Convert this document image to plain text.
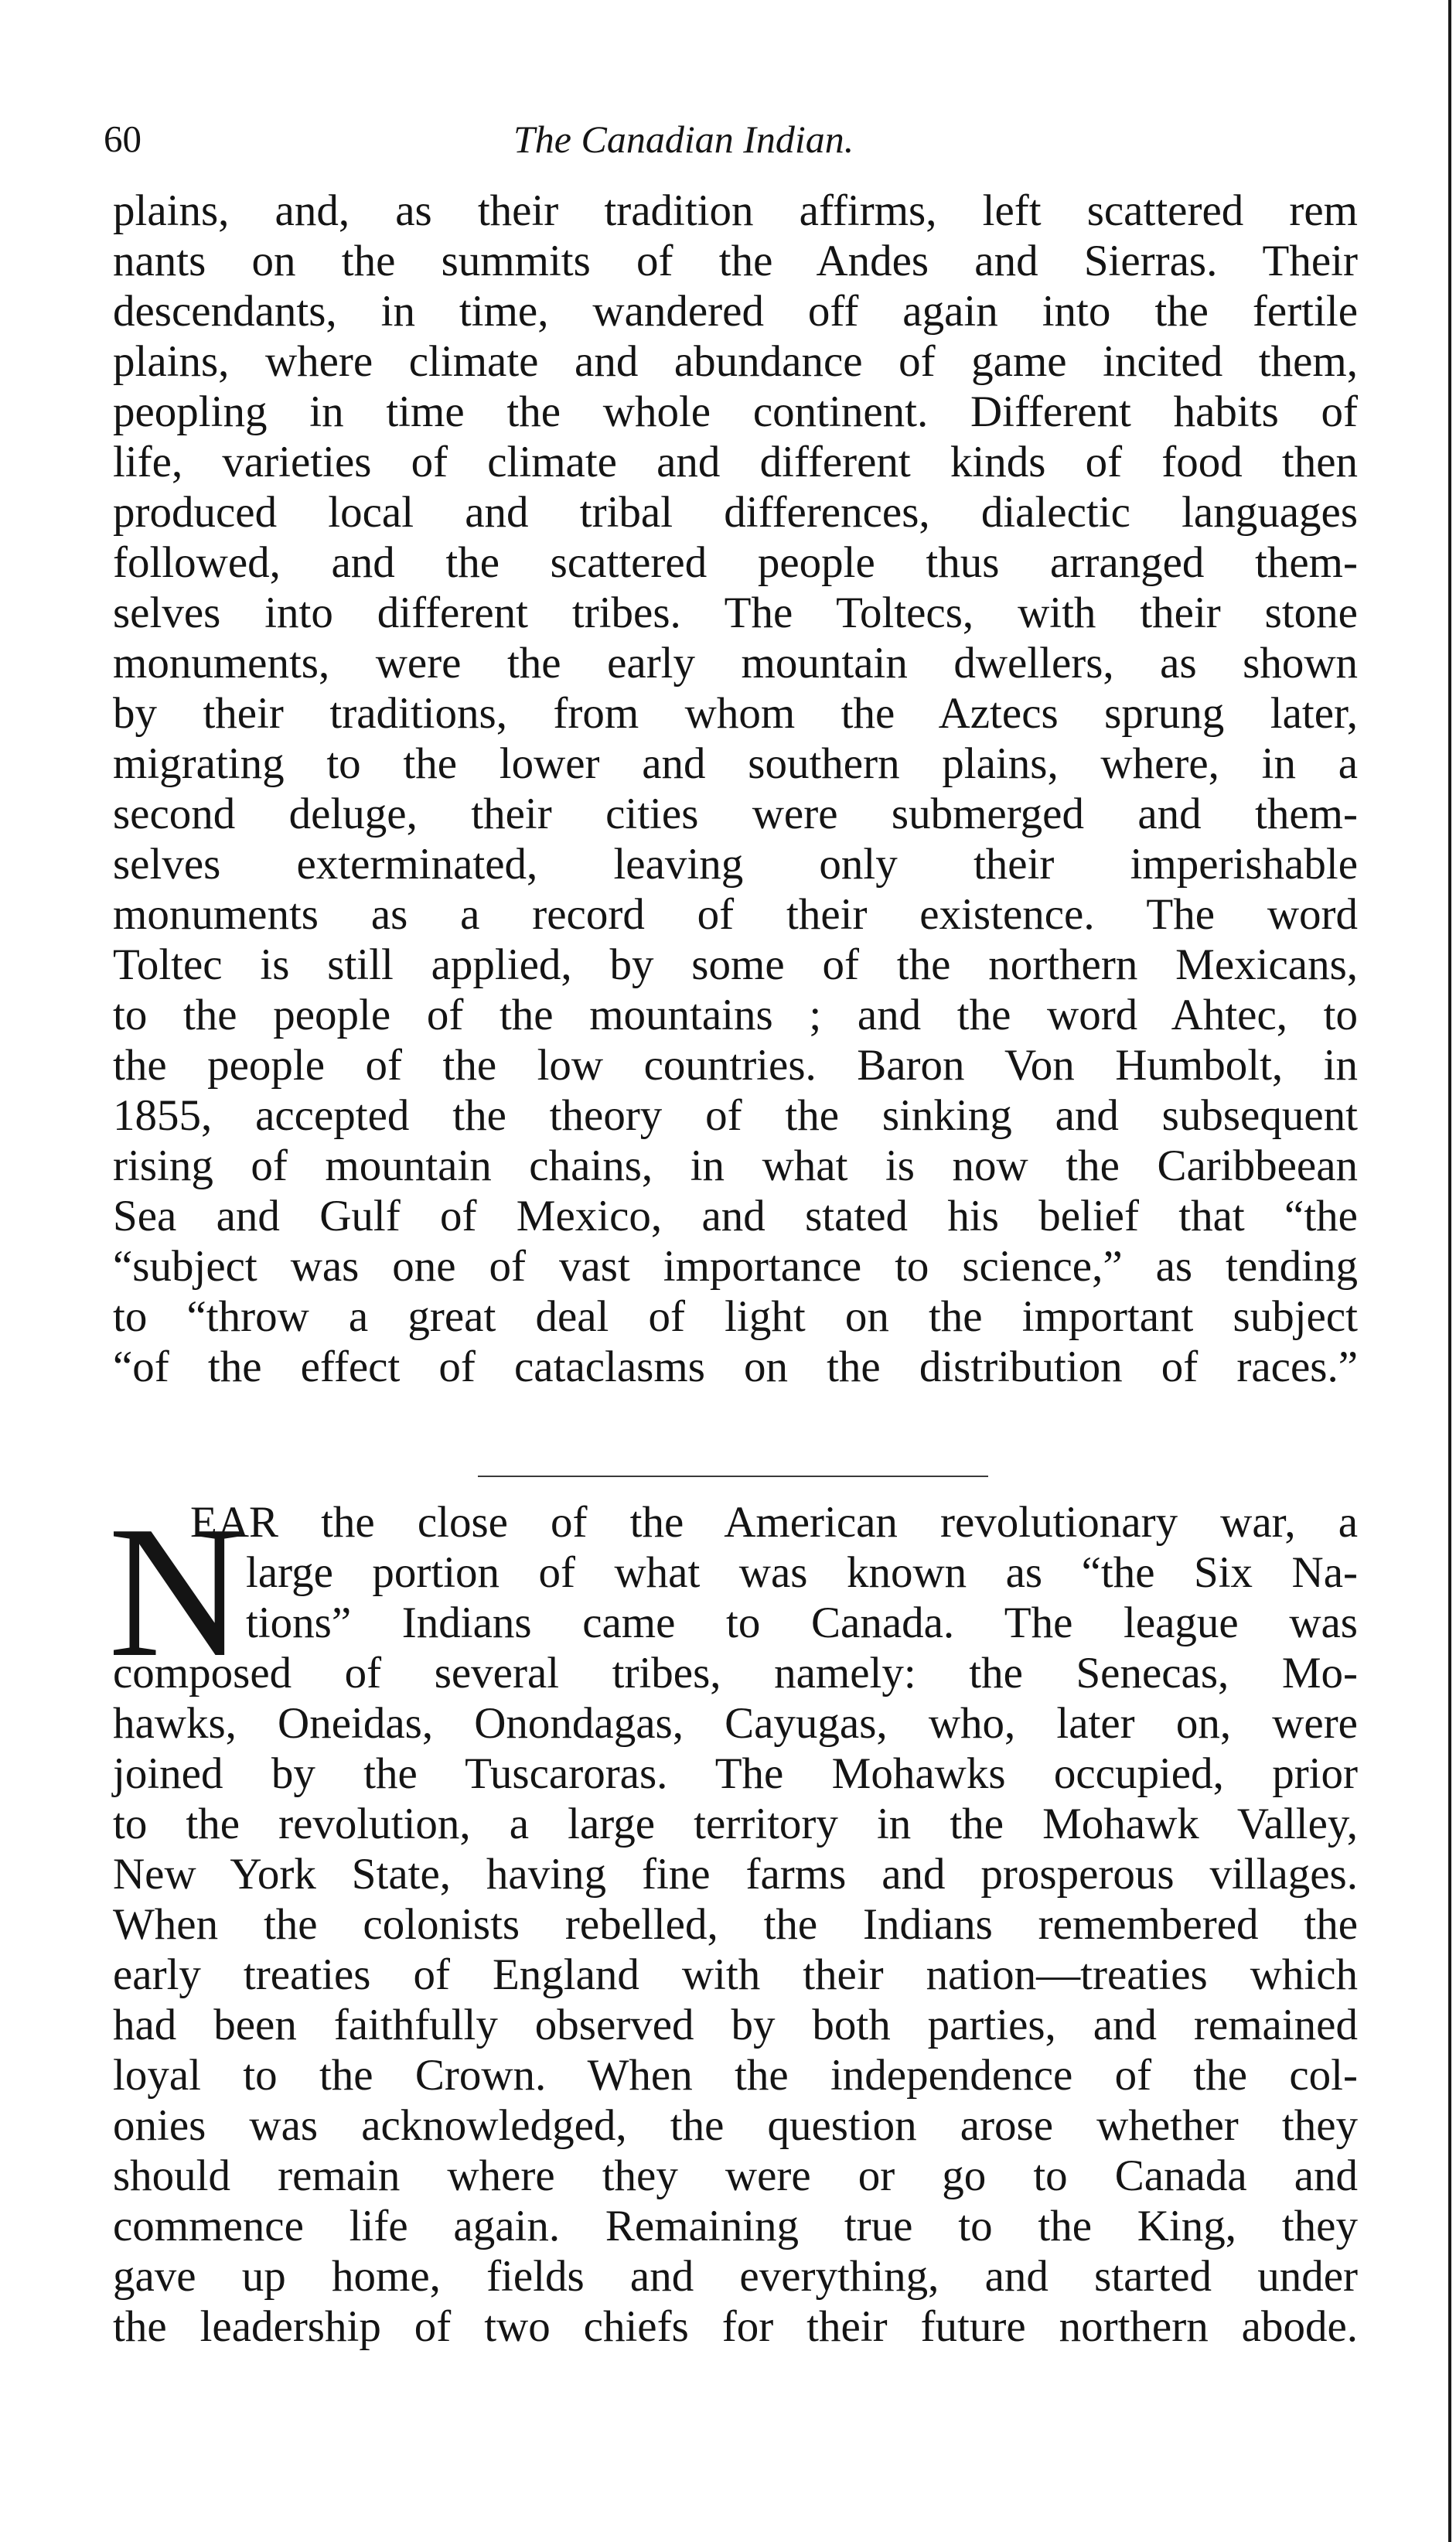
60	The Canadian Indian.
plains, and, as their tradition affirms, left scattered rem
nants on the summits of the Andes and Sierras. Their
descendants, in time, wandered off again into the fertile
plains, where climate and abundance of game incited them,
peopling in time the whole continent. Different habits of
life, varieties of climate and different kinds of food then
produced local and tribal differences, dialectic languages
followed, and the scattered people thus arranged them-
selves into different tribes. The Toltecs, with their stone
monuments, were the early mountain dwellers, as shown
by their traditions, from whom the Aztecs sprung later,
migrating to the lower and southern plains, where, in a
second deluge, their cities were submerged and them-
selves exterminated, leaving only their imperishable
monuments as a record of their existence. The word
Toltec is still applied, by some of the northern Mexicans,
to the people of the mountains ; and the word Ahtec, to
the people of the low countries. Baron Von Humbolt, in
1855, accepted the theory of the sinking and subsequent
rising of mountain chains, in what is now the Caribbeean
Sea and Gulf of Mexico, and stated his belief that “the
“subject was one of vast importance to science,” as tending
to “throw a great deal of light on the important subject
“of the effect of cataclasms on the distribution of races.”
N
EAR the close of the American revolutionary war, a
large portion of what was known as “the Six Na-
tions” Indians came to Canada. The league was
composed of several tribes, namely: the Senecas, Mo-
hawks, Oneidas, Onondagas, Cayugas, who, later on, were
joined by the Tuscaroras. The Mohawks occupied, prior
to the revolution, a large territory in the Mohawk Valley,
New York State, having fine farms and prosperous villages.
When the colonists rebelled, the Indians remembered the
early treaties of England with their nation—treaties which
had been faithfully observed by both parties, and remained
loyal to the Crown. When the independence of the col-
onies was acknowledged, the question arose whether they
should remain where they were or go to Canada and
commence life again. Remaining true to the King, they
gave up home, fields and everything, and started under
the leadership of two chiefs for their future northern abode.
